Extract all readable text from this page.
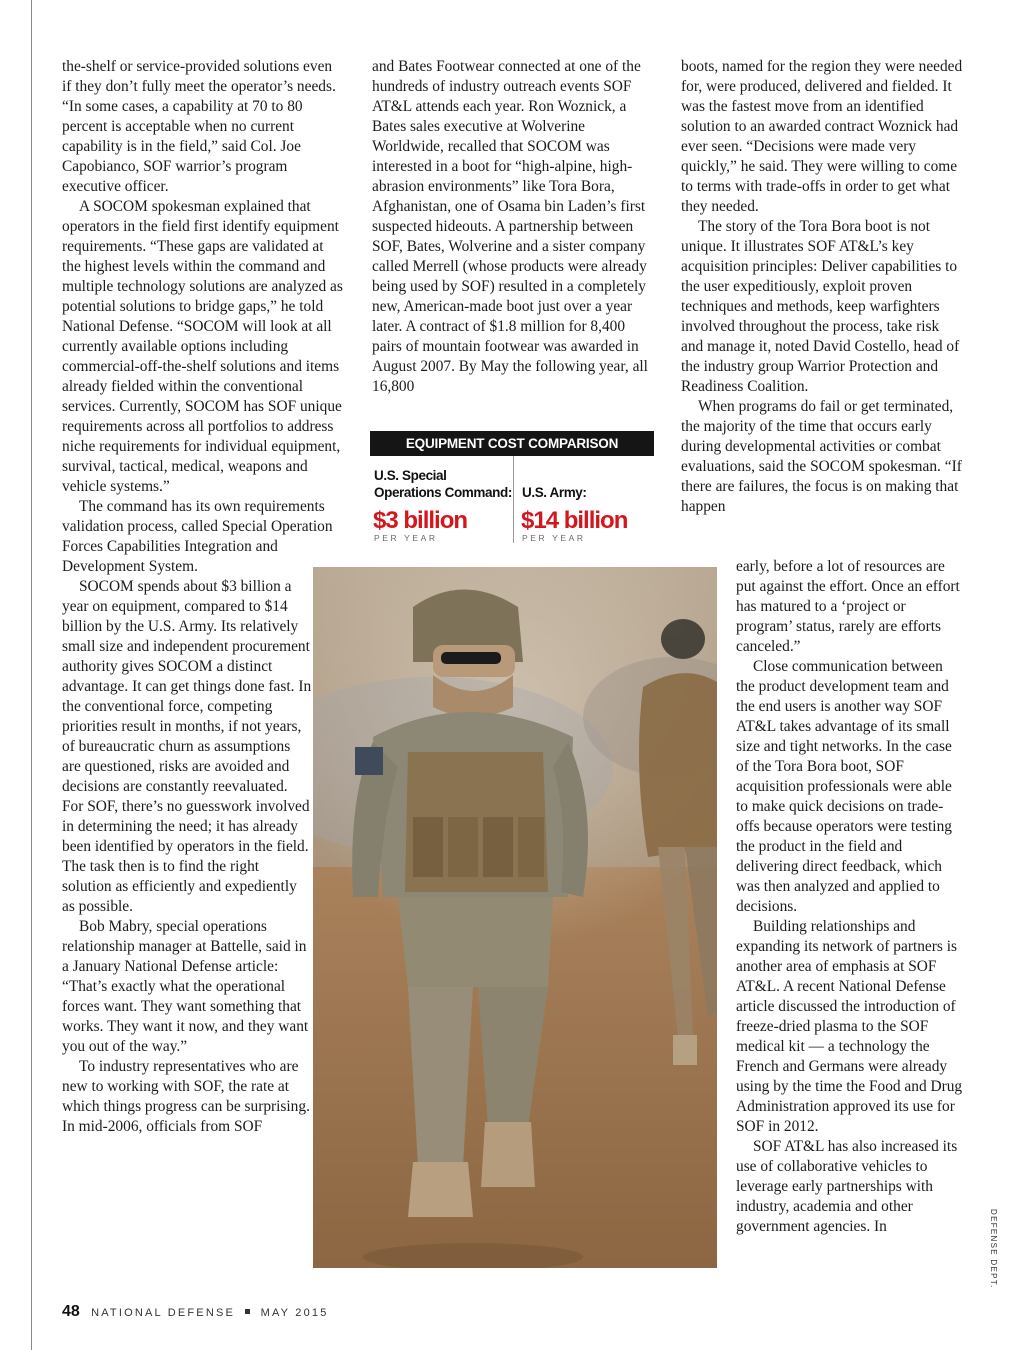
the-shelf or service-provided solutions even if they don’t fully meet the operator’s needs. “In some cases, a capability at 70 to 80 percent is acceptable when no current capability is in the field,” said Col. Joe Capobianco, SOF warrior’s program executive officer.

A SOCOM spokesman explained that operators in the field first identify equipment requirements. “These gaps are validated at the highest levels within the command and multiple technology solutions are analyzed as potential solutions to bridge gaps,” he told National Defense. “SOCOM will look at all currently available options including commercial-off-the-shelf solutions and items already fielded within the conventional services. Currently, SOCOM has SOF unique requirements across all portfolios to address niche requirements for individual equipment, survival, tactical, medical, weapons and vehicle systems.”

The command has its own requirements validation process, called Special Operation Forces Capabilities Integration and Development System.

SOCOM spends about $3 billion a year on equipment, compared to $14 billion by the U.S. Army. Its relatively small size and independent procurement authority gives SOCOM a distinct advantage. It can get things done fast. In the conventional force, competing priorities result in months, if not years, of bureaucratic churn as assumptions are questioned, risks are avoided and decisions are constantly reevaluated. For SOF, there’s no guesswork involved in determining the need; it has already been identified by operators in the field. The task then is to find the right solution as efficiently and expediently as possible.

Bob Mabry, special operations relationship manager at Battelle, said in a January National Defense article: “That’s exactly what the operational forces want. They want something that works. They want it now, and they want you out of the way.”

To industry representatives who are new to working with SOF, the rate at which things progress can be surprising. In mid-2006, officials from SOF

and Bates Footwear connected at one of the hundreds of industry outreach events SOF AT&L attends each year. Ron Woznick, a Bates sales executive at Wolverine Worldwide, recalled that SOCOM was interested in a boot for “high-alpine, high-abrasion environments” like Tora Bora, Afghanistan, one of Osama bin Laden’s first suspected hideouts. A partnership between SOF, Bates, Wolverine and a sister company called Merrell (whose products were already being used by SOF) resulted in a completely new, American-made boot just over a year later. A contract of $1.8 million for 8,400 pairs of mountain footwear was awarded in August 2007. By May the following year, all 16,800

EQUIPMENT COST COMPARISON
U.S. Special
Operations Command:
$3 billion
PER YEAR
U.S. Army:
$14 billion
PER YEAR

boots, named for the region they were needed for, were produced, delivered and fielded. It was the fastest move from an identified solution to an awarded contract Woznick had ever seen. “Decisions were made very quickly,” he said. They were willing to come to terms with trade-offs in order to get what they needed.

The story of the Tora Bora boot is not unique. It illustrates SOF AT&L’s key acquisition principles: Deliver capabilities to the user expeditiously, exploit proven techniques and methods, keep warfighters involved throughout the process, take risk and manage it, noted David Costello, head of the industry group Warrior Protection and Readiness Coalition.

When programs do fail or get terminated, the majority of the time that occurs early during developmental activities or combat evaluations, said the SOCOM spokesman. “If there are failures, the focus is on making that happen

early, before a lot of resources are put against the effort. Once an effort has matured to a ‘project or program’ status, rarely are efforts canceled.”

Close communication between the product development team and the end users is another way SOF AT&L takes advantage of its small size and tight networks. In the case of the Tora Bora boot, SOF acquisition professionals were able to make quick decisions on trade-offs because operators were testing the product in the field and delivering direct feedback, which was then analyzed and applied to decisions.

Building relationships and expanding its network of partners is another area of emphasis at SOF AT&L. A recent National Defense article discussed the introduction of freeze-dried plasma to the SOF medical kit — a technology the French and Germans were already using by the time the Food and Drug Administration approved its use for SOF in 2012.

SOF AT&L has also increased its use of collaborative vehicles to leverage early partnerships with industry, academia and other government agencies. In	DEFENSE DEPT.
48 NATIONAL DEFENSE MAY 2015
